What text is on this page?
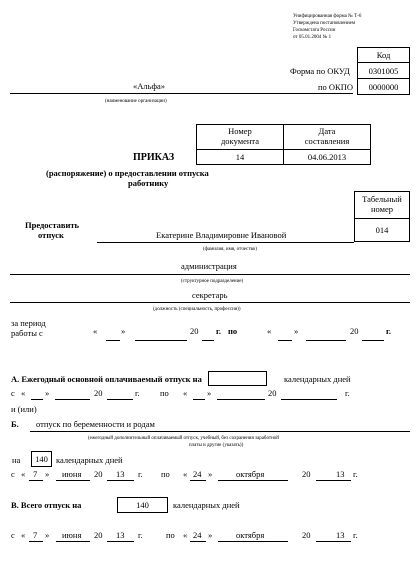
Унифицированная форма № Т-6
Утверждена постановлением
Госкомстата России
от 05.01.2004 № 1
Код
Форма по ОКУД	0301005
по ОКПО	0000000
«Альфа»
(наименование организации)
Номер документа
Дата составления
14	04.06.2013
ПРИКАЗ
(распоряжение) о предоставлении отпуска
работнику
Предоставить
отпуск
Табельный номер
014
Екатерине Владимировне Ивановой
(фамилия, имя, отчество)
администрация
(структурное подразделение)
секретарь
(должность (специальность, профессия))
за период
работы с	«	»	20 г. по	«	»	20	г.
А. Ежегодный основной оплачиваемый отпуск на	календарных дней
с « »	20	г. по « »	20	г.
и (или)
Б. отпуск по беременности и родам
(ежегодный дополнительный оплачиваемый отпуск, учебный, без сохранения заработной
платы и другие (указать))
на	140 календарных дней
с « 7 » июня 20 13 г. по « 24 »	октября	20	13 г.
В. Всего отпуск на	140	календарных дней
с « 7 » июня 20 13 г.	по « 24 »	октября	20	13 г.
